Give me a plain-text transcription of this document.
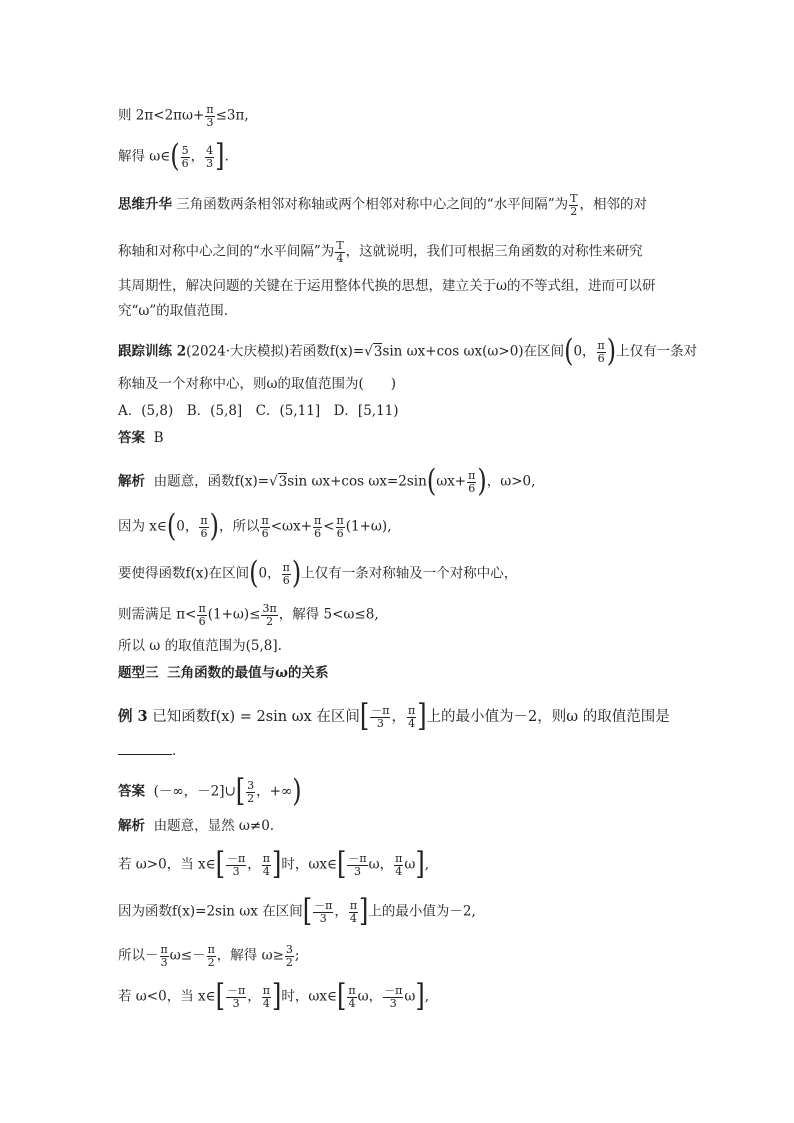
则 $2\pi<2\pi\omega+ \frac{\pi}{3} \le 3\pi$,
解得 ω∈( $\frac{5}{6}$ ， $\frac{4}{3}$ ].
思维升华 三角函数两条相邻对称轴或两个相邻对称中心之间的“水平间隔”为 $\frac{T}{2}$ ，相邻的对
称轴和对称中心之间的“水平间隔”为 $\frac{T}{4}$ ，这就说明，我们可根据三角函数的对称性来研究
其周期性，解决问题的关键在于运用整体代换的思想，建立关于ω的不等式组，进而可以研
究“ω”的取值范围.
跟踪训练 2(2024·大庆模拟)若函数f(x)=√3sin ωx+cos ωx(ω>0)在区间(0， $\frac{\pi}{6}$ )上仅有一条对
称轴及一个对称中心，则ω的取值范围为(　　)
A．(5,8)　B．(5,8]　C．(5,11]　D．[5,11)
答案 B
解析 由题意，函数f(x)=√3sin ωx+cos $\omega x=2\sin(\omega x+ \frac{\pi}{6}$ )，ω>0,
因为 x∈(0， $\frac{\pi}{6}$ )，所以 $\frac{\pi}{6} <\omega x+ \frac{\pi}{6} < \frac{\pi}{6} (1+\omega)$,
要使得函数f(x)在区间(0， $\frac{\pi}{6}$ )上仅有一条对称轴及一个对称中心，
则需满足 $\pi< \frac{\pi}{6} (1+\omega)\le \frac{3\pi}{2}$ ，解得 5<ω≤8,
所以 ω 的取值范围为(5,8].
题型三 三角函数的最值与ω的关系
例 3 已知函数f(x) = 2sin ωx 在区间[ $\frac{-\pi}{3}$ ， $\frac{\pi}{4}$ ]上的最小值为－2，则ω 的取值范围是
.
答案 (－∞，－2]∪[ $\frac{3}{2}$ ，+∞)
解析 由题意，显然 ω≠0.
若 ω>0，当 x∈[ $\frac{-\pi}{3}$ ， $\frac{\pi}{4}$ ]时，ωx∈[ $\frac{-\pi}{3}$ ω， $\frac{\pi}{4} \omega$],
因为函数f(x)=2sin ωx 在区间[ $\frac{-\pi}{3}$ ， $\frac{\pi}{4}$ ]上的最小值为－2,
所以－ $\frac{\pi}{3} \omega\le- \frac{\pi}{2}$ ，解得 $\omega\ge \frac{3}{2}$ ;
若 ω<0，当 x∈[ $\frac{-\pi}{3}$ ， $\frac{\pi}{4}$ ]时，ωx∈[ $\frac{\pi}{4}$ ω， $\frac{-\pi}{3} \omega$],
